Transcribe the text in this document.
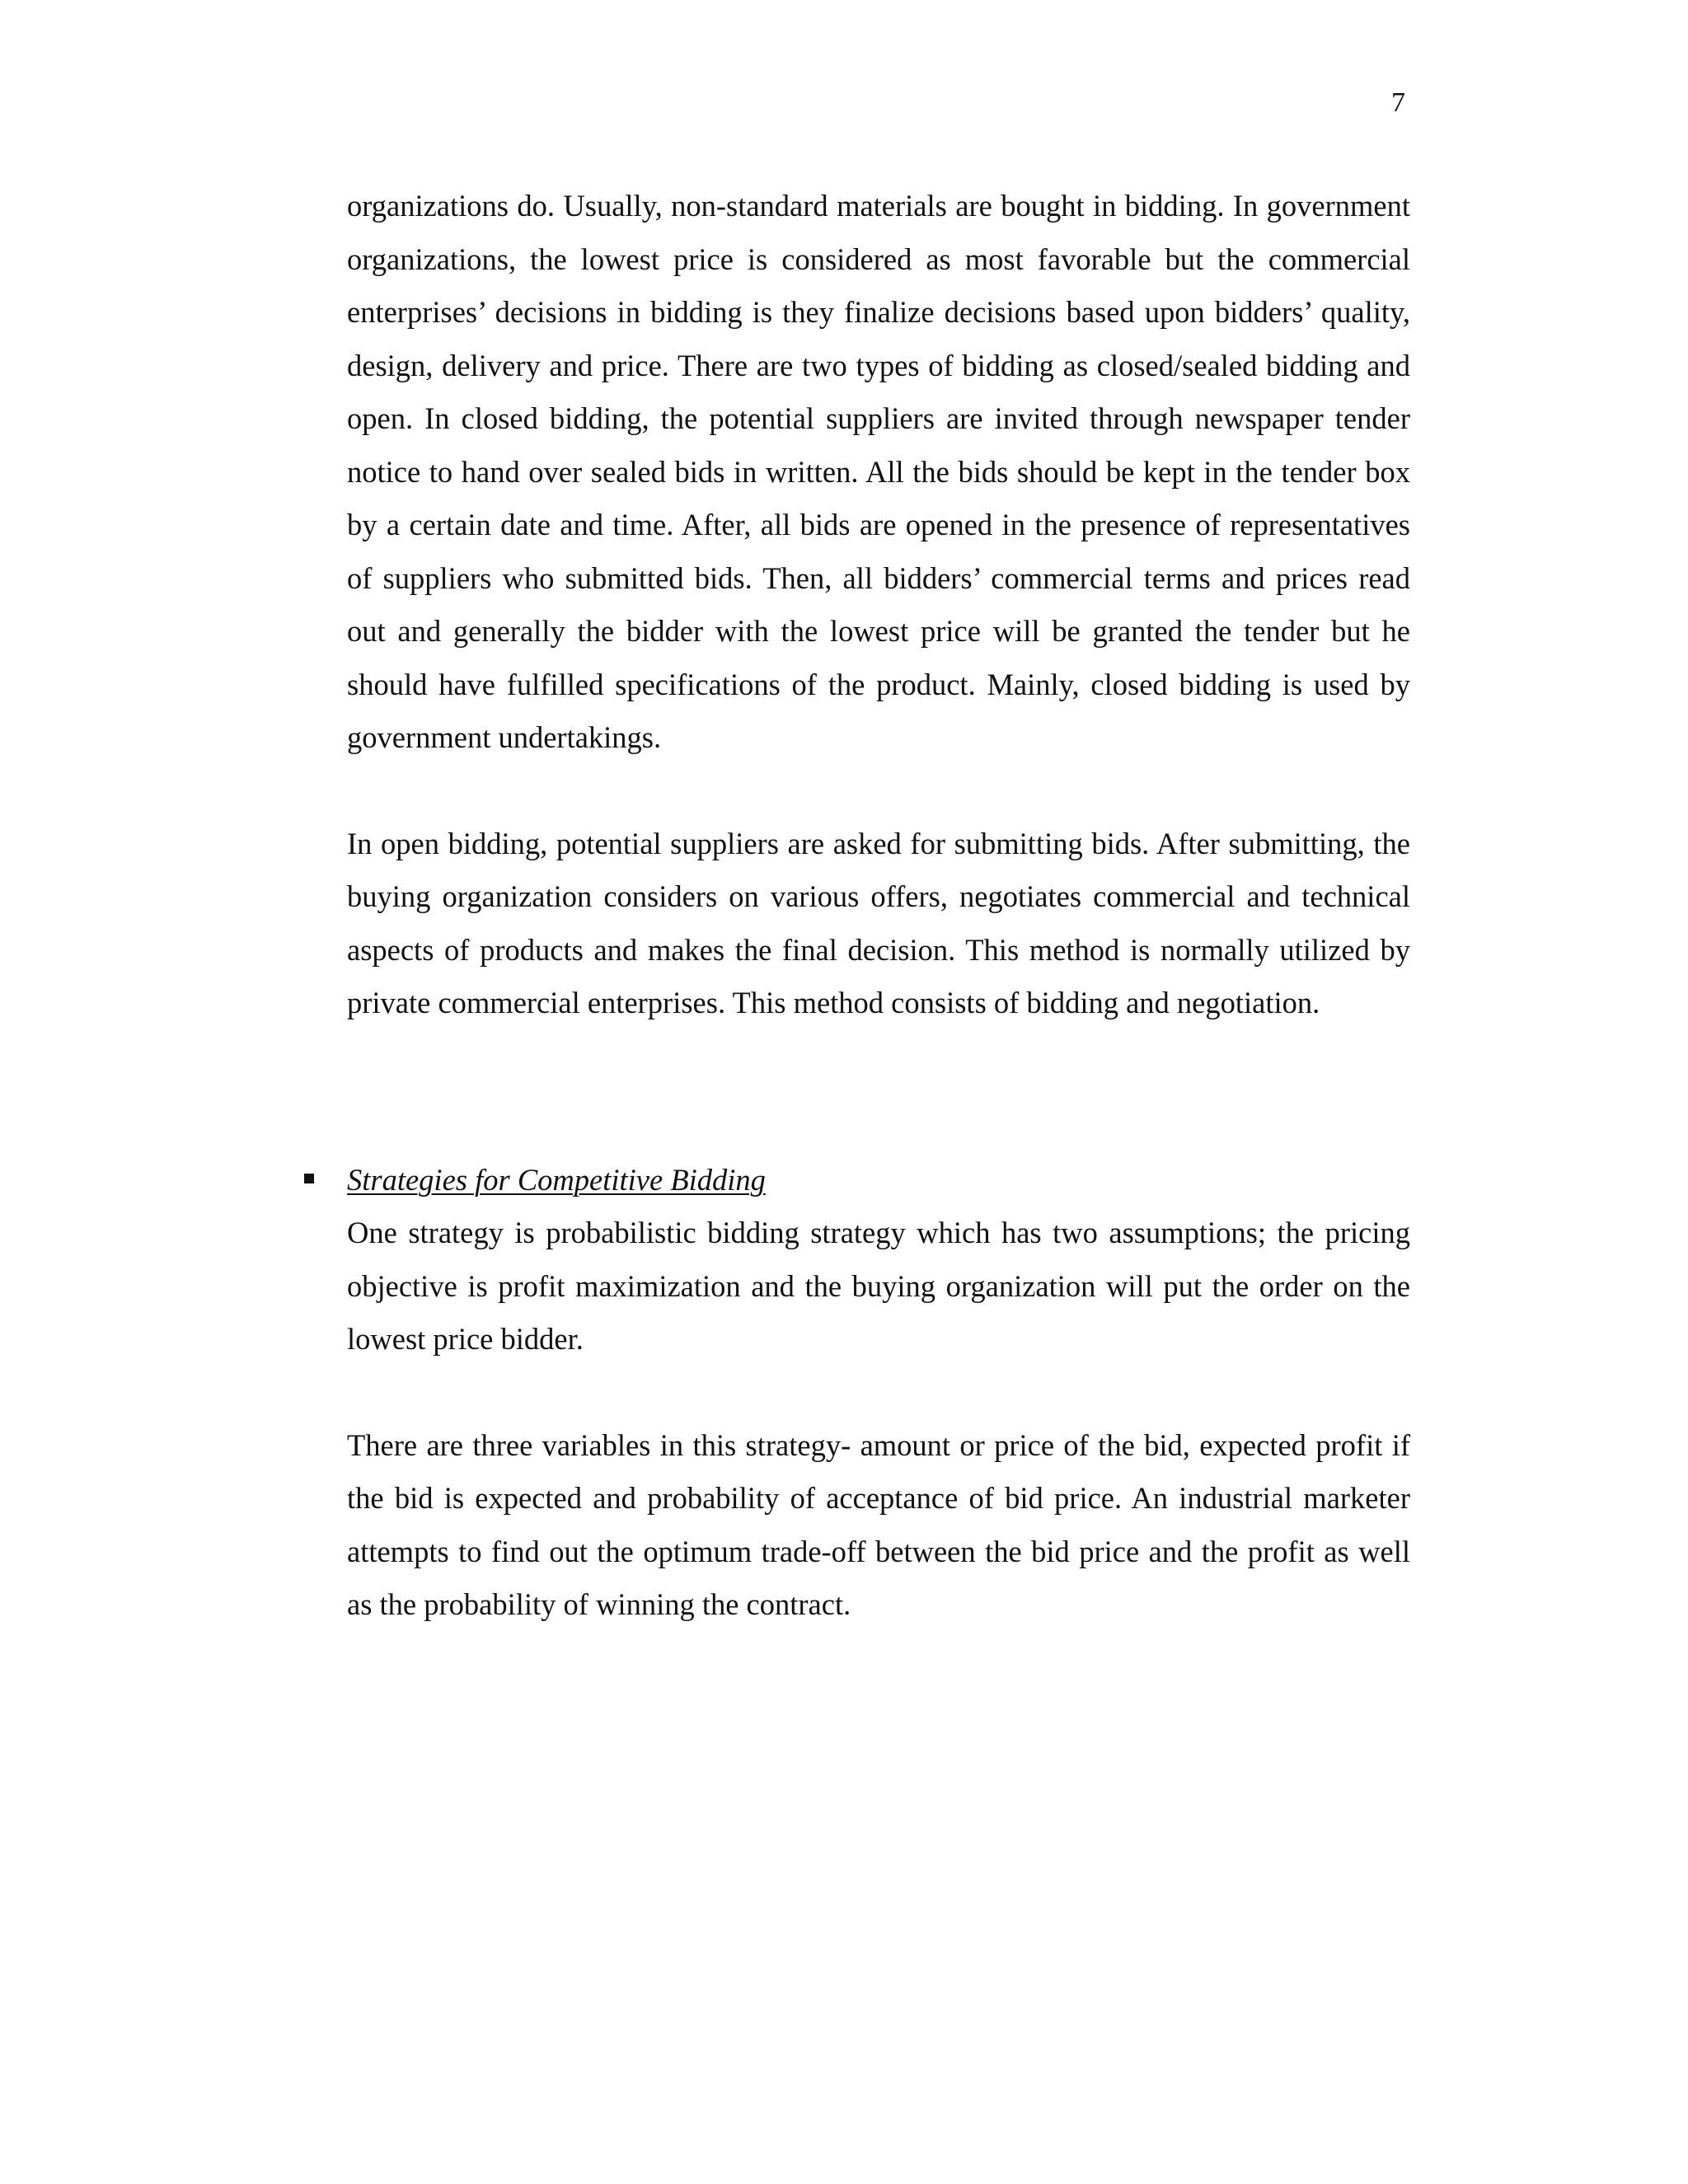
7

organizations do. Usually, non-standard materials are bought in bidding. In government organizations, the lowest price is considered as most favorable but the commercial enterprises’ decisions in bidding is they finalize decisions based upon bidders’ quality, design, delivery and price. There are two types of bidding as closed/sealed bidding and open. In closed bidding, the potential suppliers are invited through newspaper tender notice to hand over sealed bids in written. All the bids should be kept in the tender box by a certain date and time. After, all bids are opened in the presence of representatives of suppliers who submitted bids. Then, all bidders’ commercial terms and prices read out and generally the bidder with the lowest price will be granted the tender but he should have fulfilled specifications of the product. Mainly, closed bidding is used by government undertakings.

In open bidding, potential suppliers are asked for submitting bids. After submitting, the buying organization considers on various offers, negotiates commercial and technical aspects of products and makes the final decision. This method is normally utilized by private commercial enterprises. This method consists of bidding and negotiation.

Strategies for Competitive Bidding

One strategy is probabilistic bidding strategy which has two assumptions; the pricing objective is profit maximization and the buying organization will put the order on the lowest price bidder.

There are three variables in this strategy- amount or price of the bid, expected profit if the bid is expected and probability of acceptance of bid price. An industrial marketer attempts to find out the optimum trade-off between the bid price and the profit as well as the probability of winning the contract.
